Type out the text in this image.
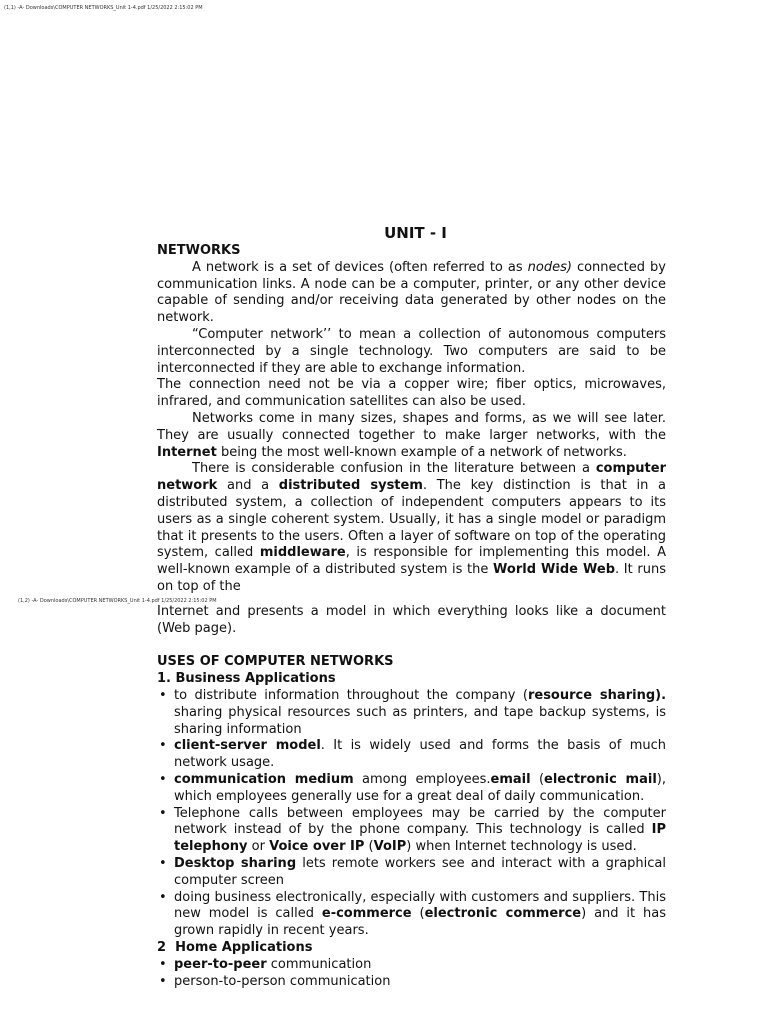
(1,1) -A- Downloads\COMPUTER NETWORKS_Unit 1-4.pdf 1/25/2022 2:15:02 PM
UNIT - I
NETWORKS

A network is a set of devices (often referred to as nodes) connected by communication links. A node can be a computer, printer, or any other device capable of sending and/or receiving data generated by other nodes on the network.

“Computer network’’ to mean a collection of autonomous computers interconnected by a single technology. Two computers are said to be interconnected if they are able to exchange information.

The connection need not be via a copper wire; fiber optics, microwaves, infrared, and communication satellites can also be used.

Networks come in many sizes, shapes and forms, as we will see later. They are usually connected together to make larger networks, with the Internet being the most well-known example of a network of networks.

There is considerable confusion in the literature between a computer network and a distributed system. The key distinction is that in a distributed system, a collection of independent computers appears to its users as a single coherent system. Usually, it has a single model or paradigm that it presents to the users. Often a layer of software on top of the operating system, called middleware, is responsible for implementing this model. A well-known example of a distributed system is the World Wide Web. It runs on top of the

(1,2) -A- Downloads\COMPUTER NETWORKS_Unit 1-4.pdf 1/25/2022 2:15:02 PM

Internet and presents a model in which everything looks like a document (Web page).

USES OF COMPUTER NETWORKS
1. Business Applications
• to distribute information throughout the company (resource sharing). sharing physical resources such as printers, and tape backup systems, is sharing information
• client-server model. It is widely used and forms the basis of much network usage.
• communication medium among employees.email (electronic mail), which employees generally use for a great deal of daily communication.
• Telephone calls between employees may be carried by the computer network instead of by the phone company. This technology is called IP telephony or Voice over IP (VoIP) when Internet technology is used.
• Desktop sharing lets remote workers see and interact with a graphical computer screen
• doing business electronically, especially with customers and suppliers. This new model is called e-commerce (electronic commerce) and it has grown rapidly in recent years.
2  Home Applications
• peer-to-peer communication
• person-to-person communication
